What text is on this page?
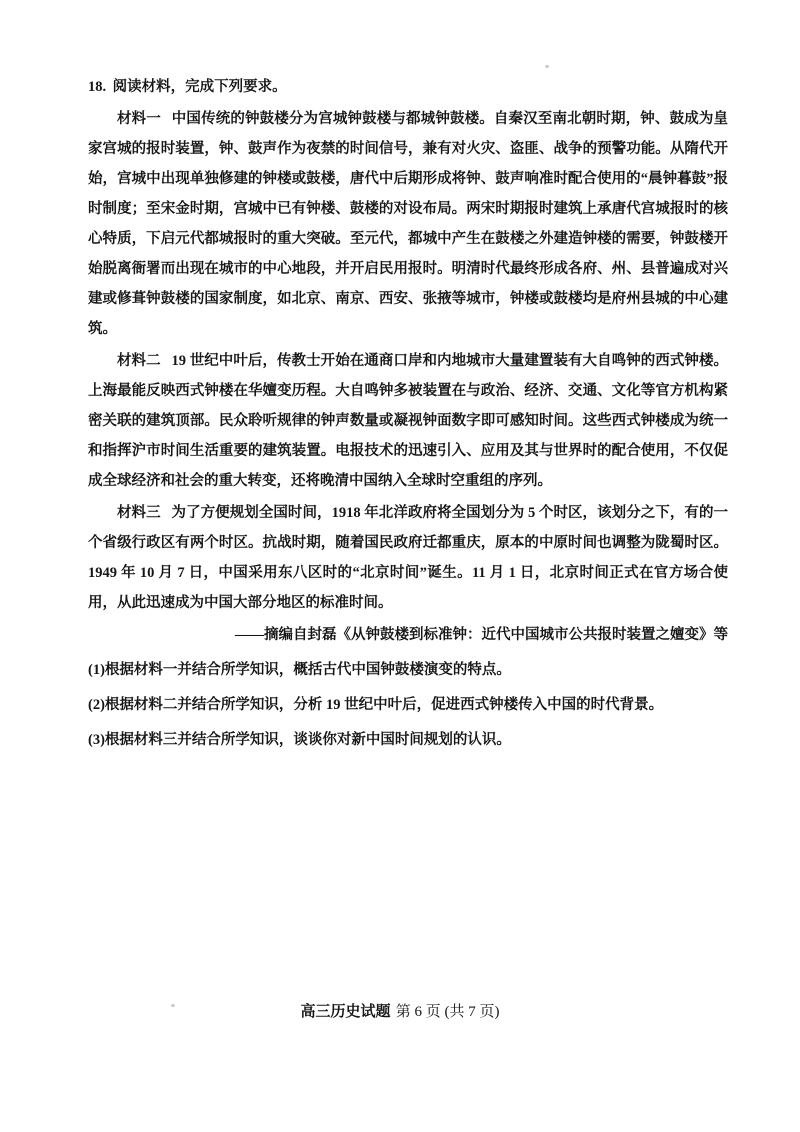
18. 阅读材料，完成下列要求。

材料一 中国传统的钟鼓楼分为宫城钟鼓楼与都城钟鼓楼。自秦汉至南北朝时期，钟、鼓成为皇家宫城的报时装置，钟、鼓声作为夜禁的时间信号，兼有对火灾、盗匪、战争的预警功能。从隋代开始，宫城中出现单独修建的钟楼或鼓楼，唐代中后期形成将钟、鼓声响准时配合使用的“晨钟暮鼓”报时制度；至宋金时期，宫城中已有钟楼、鼓楼的对设布局。两宋时期报时建筑上承唐代宫城报时的核心特质，下启元代都城报时的重大突破。至元代，都城中产生在鼓楼之外建造钟楼的需要，钟鼓楼开始脱离衙署而出现在城市的中心地段，并开启民用报时。明清时代最终形成各府、州、县普遍成对兴建或修葺钟鼓楼的国家制度，如北京、南京、西安、张掖等城市，钟楼或鼓楼均是府州县城的中心建筑。

材料二 19 世纪中叶后，传教士开始在通商口岸和内地城市大量建置装有大自鸣钟的西式钟楼。上海最能反映西式钟楼在华嬗变历程。大自鸣钟多被装置在与政治、经济、交通、文化等官方机构紧密关联的建筑顶部。民众聆听规律的钟声数量或凝视钟面数字即可感知时间。这些西式钟楼成为统一和指挥沪市时间生活重要的建筑装置。电报技术的迅速引入、应用及其与世界时的配合使用，不仅促成全球经济和社会的重大转变，还将晚清中国纳入全球时空重组的序列。

材料三 为了方便规划全国时间，1918 年北洋政府将全国划分为 5 个时区，该划分之下，有的一个省级行政区有两个时区。抗战时期，随着国民政府迁都重庆，原本的中原时间也调整为陇蜀时区。1949 年 10 月 7 日，中国采用东八区时的“北京时间”诞生。11 月 1 日，北京时间正式在官方场合使用，从此迅速成为中国大部分地区的标准时间。

——摘编自封磊《从钟鼓楼到标准钟：近代中国城市公共报时装置之嬗变》等

(1)根据材料一并结合所学知识，概括古代中国钟鼓楼演变的特点。

(2)根据材料二并结合所学知识，分析 19 世纪中叶后，促进西式钟楼传入中国的时代背景。

(3)根据材料三并结合所学知识，谈谈你对新中国时间规划的认识。

高三历史试题 第 6 页 (共 7 页)
